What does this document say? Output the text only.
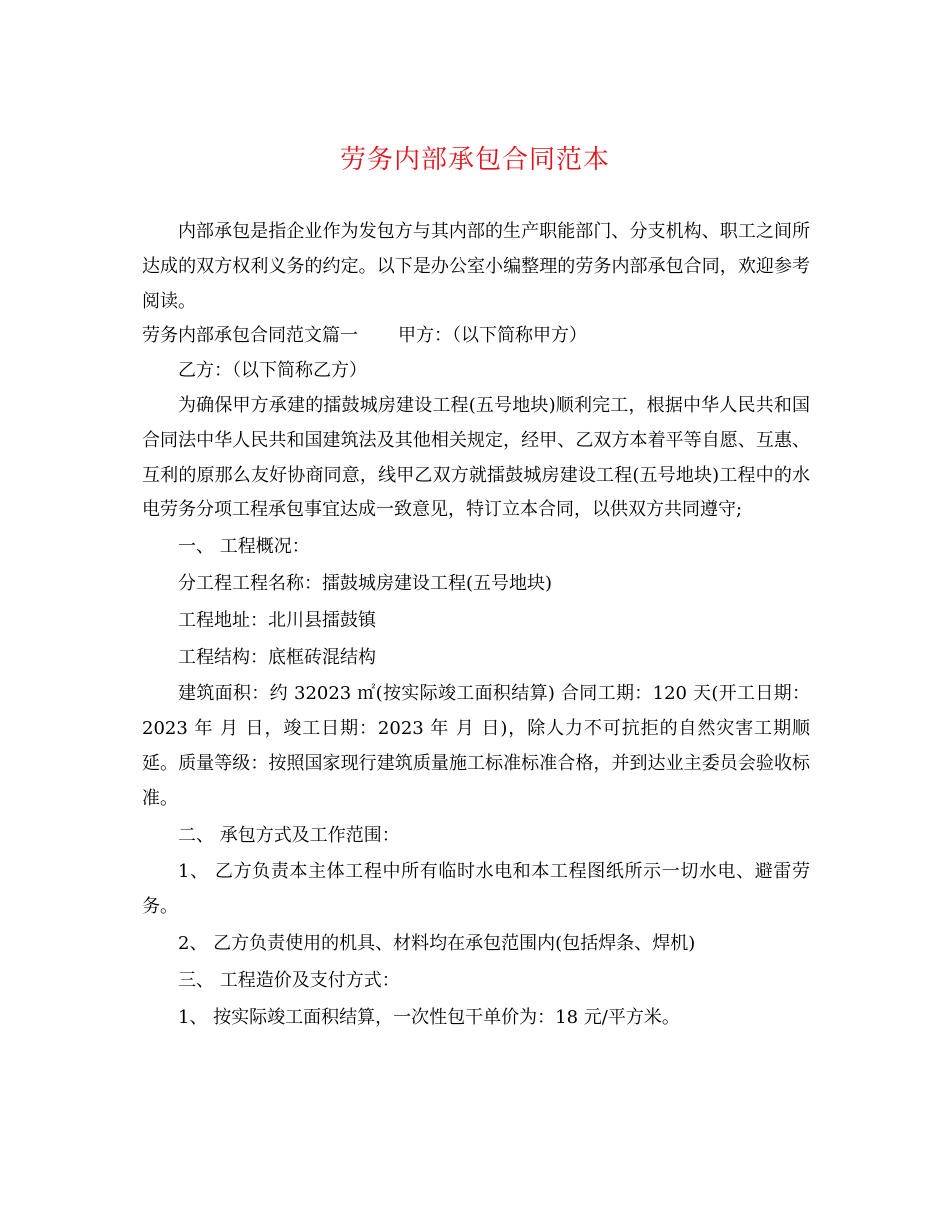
劳务内部承包合同范本

内部承包是指企业作为发包方与其内部的生产职能部门、分支机构、职工之间所达成的双方权利义务的约定。以下是办公室小编整理的劳务内部承包合同，欢迎参考阅读。

劳务内部承包合同范文篇一 甲方：（以下简称甲方）

乙方：（以下简称乙方）

为确保甲方承建的擂鼓城房建设工程(五号地块)顺利完工，根据中华人民共和国合同法中华人民共和国建筑法及其他相关规定，经甲、乙双方本着平等自愿、互惠、互利的原那么友好协商同意，线甲乙双方就擂鼓城房建设工程(五号地块)工程中的水电劳务分项工程承包事宜达成一致意见，特订立本合同，以供双方共同遵守;

一、 工程概况：

分工程工程名称：擂鼓城房建设工程(五号地块)

工程地址：北川县擂鼓镇

工程结构：底框砖混结构

建筑面积：约 32023 ㎡(按实际竣工面积结算) 合同工期：120 天(开工日期： 2023 年 月 日，竣工日期：2023 年 月 日)，除人力不可抗拒的自然灾害工期顺延。质量等级：按照国家现行建筑质量施工标准标准合格，并到达业主委员会验收标准。

二、 承包方式及工作范围：

1、 乙方负责本主体工程中所有临时水电和本工程图纸所示一切水电、避雷劳务。

2、 乙方负责使用的机具、材料均在承包范围内(包括焊条、焊机)

三、 工程造价及支付方式：

1、 按实际竣工面积结算，一次性包干单价为：18 元/平方米。
